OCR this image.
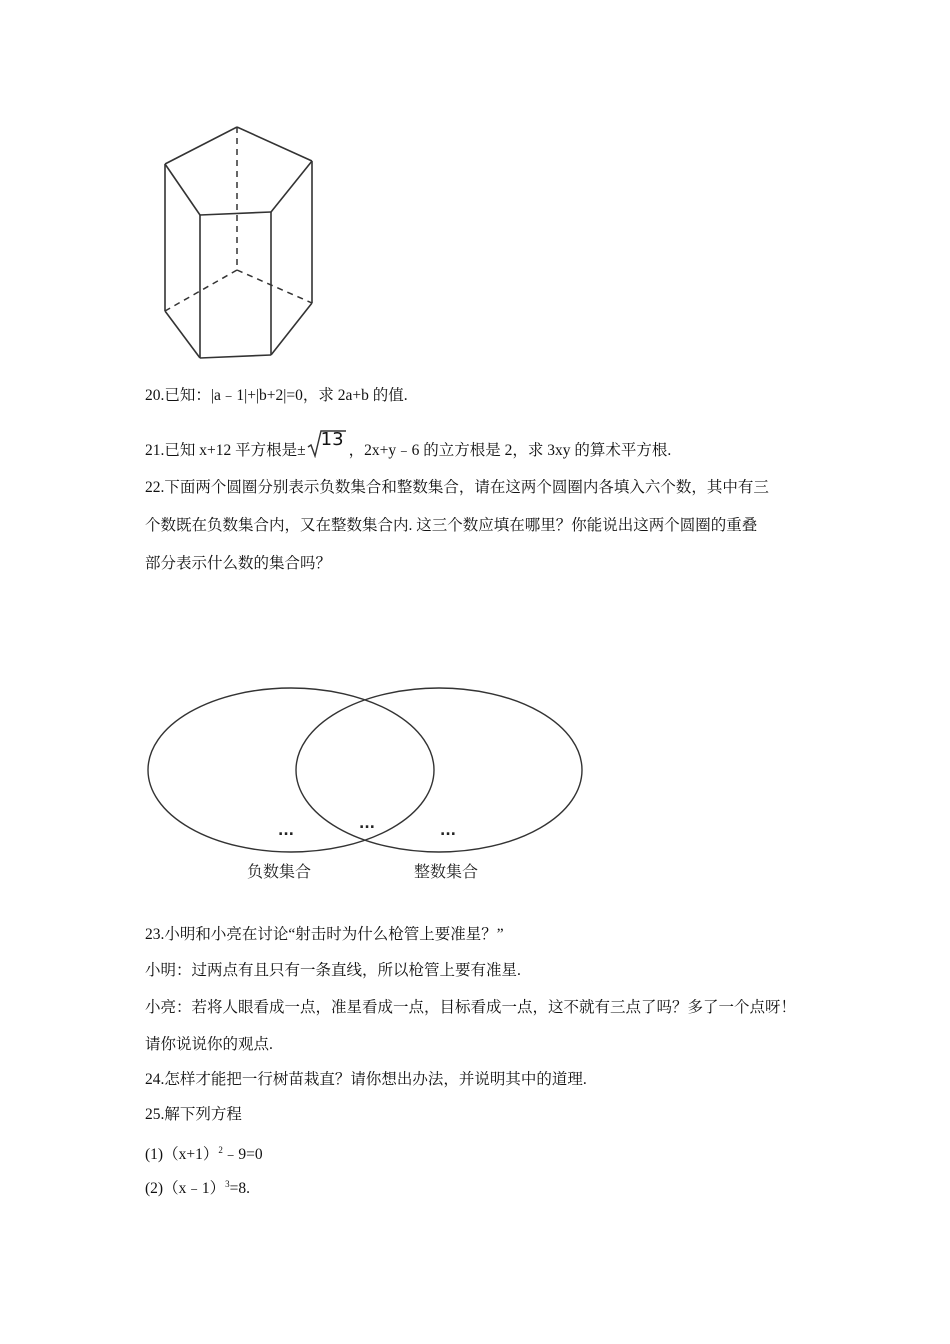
20.已知：|a﹣1|+|b+2|=0，求 2a+b 的值.
21.已知 x+12 平方根是±
13
，2x+y﹣6 的立方根是 2，求 3xy 的算术平方根.
22.下面两个圆圈分别表示负数集合和整数集合，请在这两个圆圈内各填入六个数，其中有三
个数既在负数集合内，又在整数集合内. 这三个数应填在哪里？你能说出这两个圆圈的重叠
部分表示什么数的集合吗？
...	...	...
负数集合	整数集合
23.小明和小亮在讨论“射击时为什么枪管上要准星？”
小明：过两点有且只有一条直线，所以枪管上要有准星.
小亮：若将人眼看成一点，准星看成一点，目标看成一点，这不就有三点了吗？多了一个点呀！
请你说说你的观点.
24.怎样才能把一行树苗栽直？请你想出办法，并说明其中的道理.
25.解下列方程
$(1)(x+1)^2﹣9=0$
(2)（x﹣1）$^3$=8.
